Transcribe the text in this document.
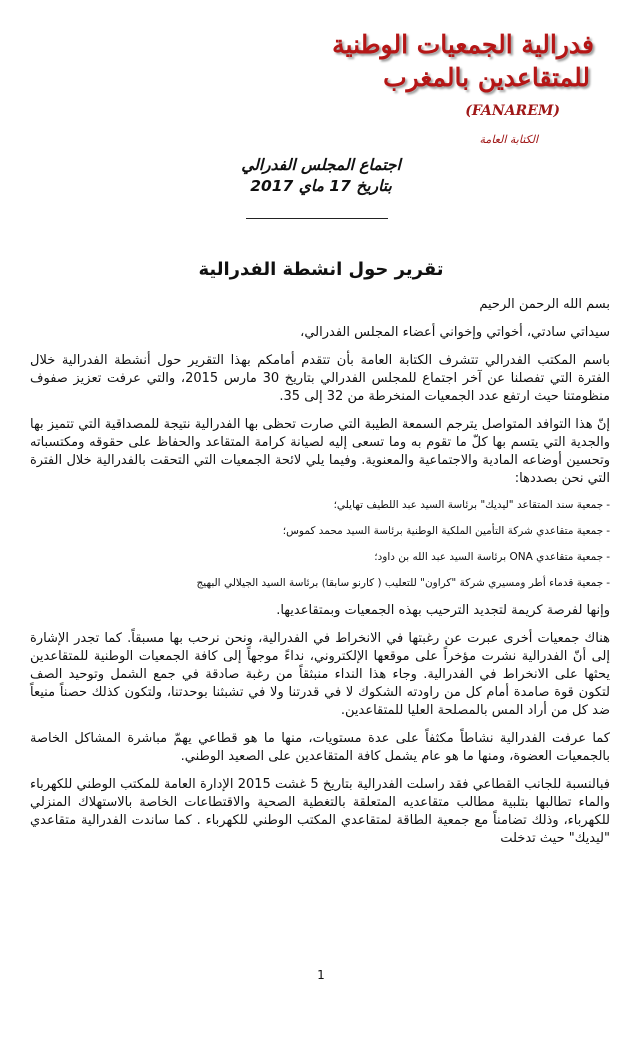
فدرالية الجمعيات الوطنية
للمتقاعدين بالمغرب
(FANAREM)
الكتابة العامة
اجتماع المجلس الفدرالي
بتاريخ 17 ماي 2017
تقرير حول انشطة الفدرالية

بسم الله الرحمن الرحيم

سيداتي سادتي، أخواتي وإخواني أعضاء المجلس الفدرالي،

باسم المكتب الفدرالي تتشرف الكتابة العامة بأن تتقدم أمامكم بهذا التقرير حول أنشطة الفدرالية خلال الفترة التي تفصلنا عن آخر اجتماع للمجلس الفدرالي بتاريخ 30 مارس 2015، والتي عرفت تعزيز صفوف منظومتنا حيث ارتفع عدد الجمعيات المنخرطة من 32 إلى 35.

إنّ هذا التوافد المتواصل يترجم السمعة الطيبة التي صارت تحظى بها الفدرالية نتيجة للمصداقية التي تتميز بها والجدية التي يتسم بها كلّ ما تقوم به وما تسعى إليه لصيانة كرامة المتقاعد والحفاظ على حقوقه ومكتسباته وتحسين أوضاعه المادية والاجتماعية والمعنوية. وفيما يلي لائحة الجمعيات التي التحقت بالفدرالية خلال الفترة التي نحن بصددها:

-جمعية سند المتقاعد "ليديك" برئاسة السيد عبد اللطيف تهايلي؛
-جمعية متقاعدي شركة التأمين الملكية الوطنية برئاسة السيد محمد كموس؛
-جمعية متقاعدي ONA برئاسة السيد عبد الله بن داود؛
-جمعية قدماء أطر ومسيري شركة "كراون" للتعليب ( كارنو سابقا) برئاسة السيد الجيلالي البهيج

وإنها لفرصة كريمة لتجديد الترحيب بهذه الجمعيات وبمتقاعديها.

هناك جمعيات أخرى عبرت عن رغبتها في الانخراط في الفدرالية، ونحن نرحب بها مسبقاً. كما تجدر الإشارة إلى أنّ الفدرالية نشرت مؤخراً على موقعها الإلكتروني، نداءً موجهاً إلى كافة الجمعيات الوطنية للمتقاعدين يحثها على الانخراط في الفدرالية. وجاء هذا النداء منبثقاً من رغبة صادقة في جمع الشمل وتوحيد الصف لتكون قوة صامدة أمام كل من راودته الشكوك لا في قدرتنا ولا في تشبثنا بوحدتنا، ولتكون كذلك حصناً منيعاً ضد كل من أراد المس بالمصلحة العليا للمتقاعدين.

كما عرفت الفدرالية نشاطاً مكثفاً على عدة مستويات، منها ما هو قطاعي يهمّ مباشرة المشاكل الخاصة بالجمعيات العضوة، ومنها ما هو عام يشمل كافة المتقاعدين على الصعيد الوطني.

فبالنسبة للجانب القطاعي فقد راسلت الفدرالية بتاريخ 5 غشت 2015 الإدارة العامة للمكتب الوطني للكهرباء والماء تطالبها بتلبية مطالب متقاعديه المتعلقة بالتغطية الصحية والاقتطاعات الخاصة بالاستهلاك المنزلي للكهرباء، وذلك تضامناً مع جمعية الطاقة لمتقاعدي المكتب الوطني للكهرباء . كما ساندت الفدرالية متقاعدي "ليديك" حيث تدخلت

1
